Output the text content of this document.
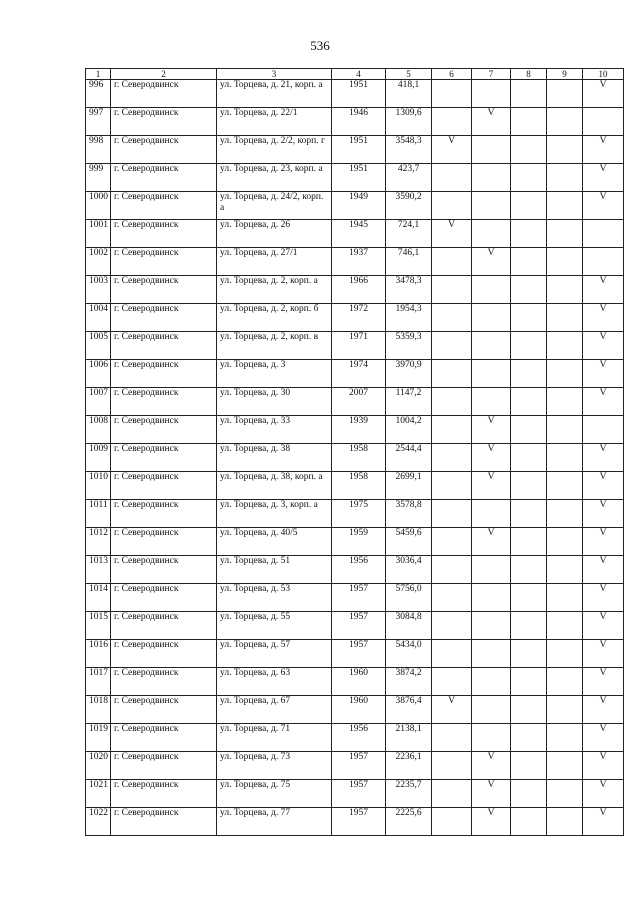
536
1	2	3	4	5	6	7	8	9	10
996	г. Северодвинск	ул. Торцева, д. 21, корп. а	1951	418,1					V
997	г. Северодвинск	ул. Торцева, д. 22/1	1946	1309,6		V			
998	г. Северодвинск	ул. Торцева, д. 2/2, корп. г	1951	3548,3	V				V
999	г. Северодвинск	ул. Торцева, д. 23, корп. а	1951	423,7					V
1000	г. Северодвинск	ул. Торцева, д. 24/2, корп. а	1949	3590,2					V
1001	г. Северодвинск	ул. Торцева, д. 26	1945	724,1	V				
1002	г. Северодвинск	ул. Торцева, д. 27/1	1937	746,1		V			
1003	г. Северодвинск	ул. Торцева, д. 2, корп. а	1966	3478,3					V
1004	г. Северодвинск	ул. Торцева, д. 2, корп. б	1972	1954,3					V
1005	г. Северодвинск	ул. Торцева, д. 2, корп. в	1971	5359,3					V
1006	г. Северодвинск	ул. Торцева, д. 3	1974	3970,9					V
1007	г. Северодвинск	ул. Торцева, д. 30	2007	1147,2					V
1008	г. Северодвинск	ул. Торцева, д. 33	1939	1004,2		V			
1009	г. Северодвинск	ул. Торцева, д. 38	1958	2544,4		V			V
1010	г. Северодвинск	ул. Торцева, д. 38, корп. а	1958	2699,1		V			V
1011	г. Северодвинск	ул. Торцева, д. 3, корп. а	1975	3578,8					V
1012	г. Северодвинск	ул. Торцева, д. 40/5	1959	5459,6		V			V
1013	г. Северодвинск	ул. Торцева, д. 51	1956	3036,4					V
1014	г. Северодвинск	ул. Торцева, д. 53	1957	5756,0					V
1015	г. Северодвинск	ул. Торцева, д. 55	1957	3084,8					V
1016	г. Северодвинск	ул. Торцева, д. 57	1957	5434,0					V
1017	г. Северодвинск	ул. Торцева, д. 63	1960	3874,2					V
1018	г. Северодвинск	ул. Торцева, д. 67	1960	3876,4	V				V
1019	г. Северодвинск	ул. Торцева, д. 71	1956	2138,1					V
1020	г. Северодвинск	ул. Торцева, д. 73	1957	2236,1		V			V
1021	г. Северодвинск	ул. Торцева, д. 75	1957	2235,7		V			V
1022	г. Северодвинск	ул. Торцева, д. 77	1957	2225,6		V			V
